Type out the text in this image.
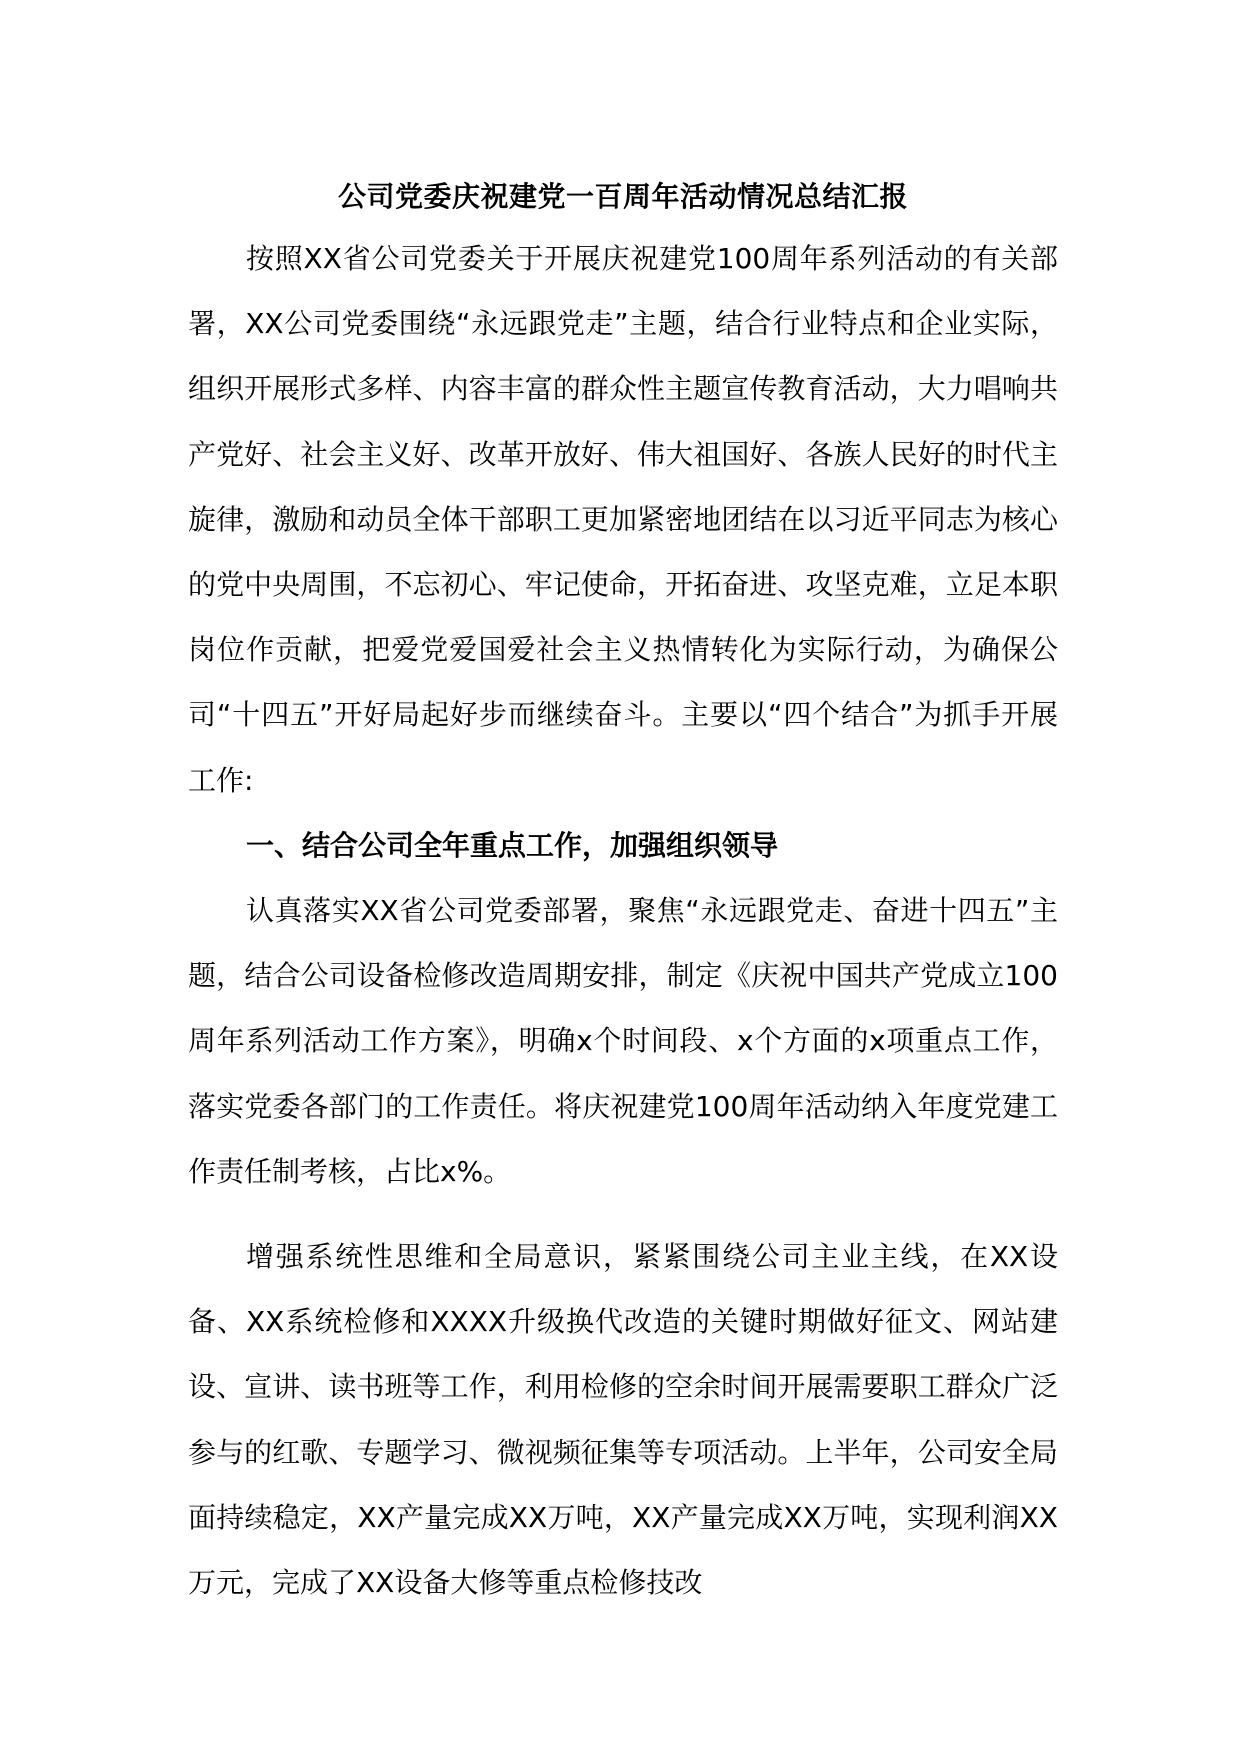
公司党委庆祝建党一百周年活动情况总结汇报

按照XX省公司党委关于开展庆祝建党100周年系列活动的有关部署，XX公司党委围绕“永远跟党走”主题，结合行业特点和企业实际，组织开展形式多样、内容丰富的群众性主题宣传教育活动，大力唱响共产党好、社会主义好、改革开放好、伟大祖国好、各族人民好的时代主旋律，激励和动员全体干部职工更加紧密地团结在以习近平同志为核心的党中央周围，不忘初心、牢记使命，开拓奋进、攻坚克难，立足本职岗位作贡献，把爱党爱国爱社会主义热情转化为实际行动，为确保公司“十四五”开好局起好步而继续奋斗。主要以“四个结合”为抓手开展工作:

一、结合公司全年重点工作，加强组织领导

认真落实XX省公司党委部署，聚焦“永远跟党走、奋进十四五”主题，结合公司设备检修改造周期安排，制定《庆祝中国共产党成立100周年系列活动工作方案》，明确x个时间段、x个方面的x项重点工作，落实党委各部门的工作责任。将庆祝建党100周年活动纳入年度党建工作责任制考核，占比x%。

增强系统性思维和全局意识，紧紧围绕公司主业主线，在XX设备、XX系统检修和XXXX升级换代改造的关键时期做好征文、网站建设、宣讲、读书班等工作，利用检修的空余时间开展需要职工群众广泛参与的红歌、专题学习、微视频征集等专项活动。上半年，公司安全局面持续稳定，XX产量完成XX万吨，XX产量完成XX万吨，实现利润XX万元，完成了XX设备大修等重点检修技改
